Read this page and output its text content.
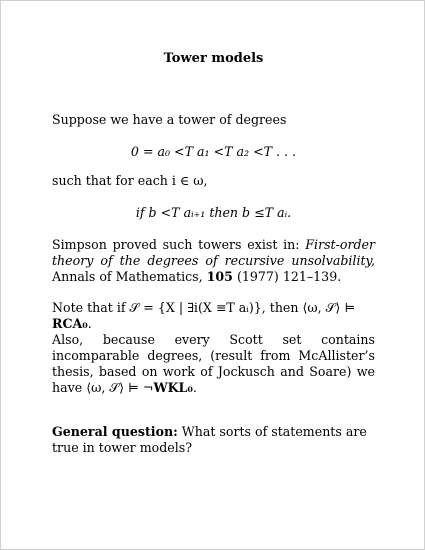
Tower models
Suppose we have a tower of degrees
0 = a₀ <T a₁ <T a₂ <T . . .
such that for each i ∈ ω,
if b <T aᵢ₊₁ then b ≤T aᵢ.
Simpson proved such towers exist in: First-order theory of the degrees of recursive unsolvability, Annals of Mathematics, 105 (1977) 121–139.
Note that if 𝒮 = {X | ∃i(X ≡T aᵢ)}, then ⟨ω, 𝒮⟩ ⊨ RCA₀.
Also, because every Scott set contains incomparable degrees, (result from McAllister’s thesis, based on work of Jockusch and Soare) we have ⟨ω, 𝒮⟩ ⊨ ¬WKL₀.
General question: What sorts of statements are true in tower models?
